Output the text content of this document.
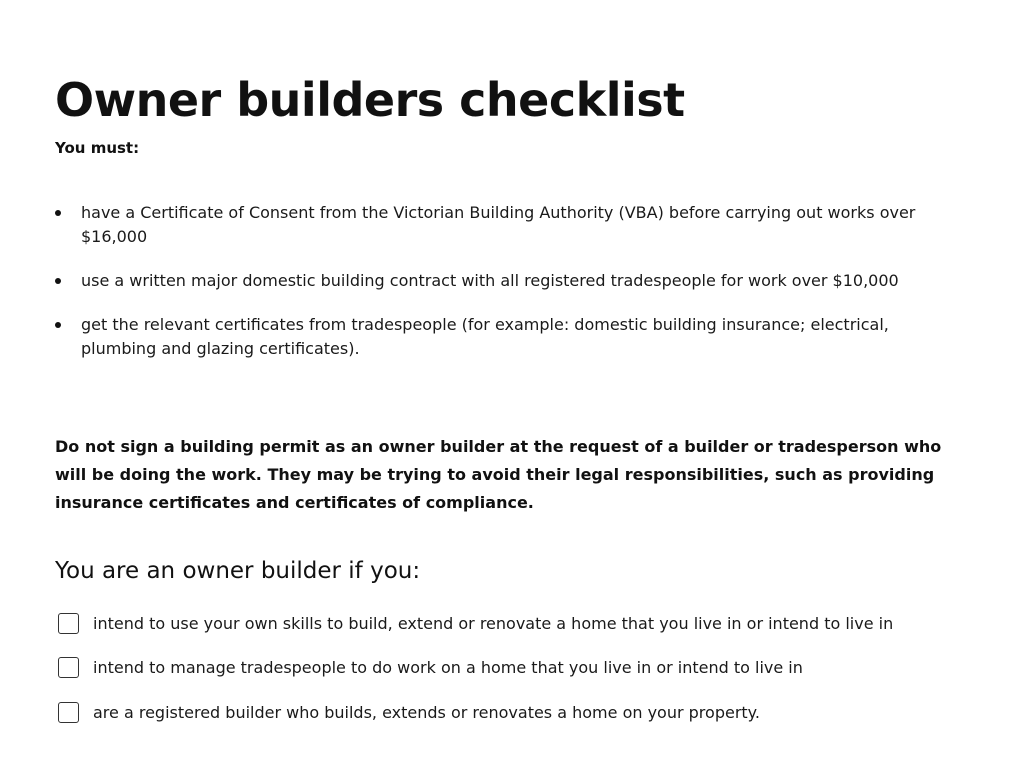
Owner builders checklist

You must:

have a Certificate of Consent from the Victorian Building Authority (VBA) before carrying out works over $16,000
use a written major domestic building contract with all registered tradespeople for work over $10,000
get the relevant certificates from tradespeople (for example: domestic building insurance; electrical, plumbing and glazing certificates).

Do not sign a building permit as an owner builder at the request of a builder or tradesperson who will be doing the work. They may be trying to avoid their legal responsibilities, such as providing insurance certificates and certificates of compliance.

You are an owner builder if you:
intend to use your own skills to build, extend or renovate a home that you live in or intend to live in
intend to manage tradespeople to do work on a home that you live in or intend to live in
are a registered builder who builds, extends or renovates a home on your property.
